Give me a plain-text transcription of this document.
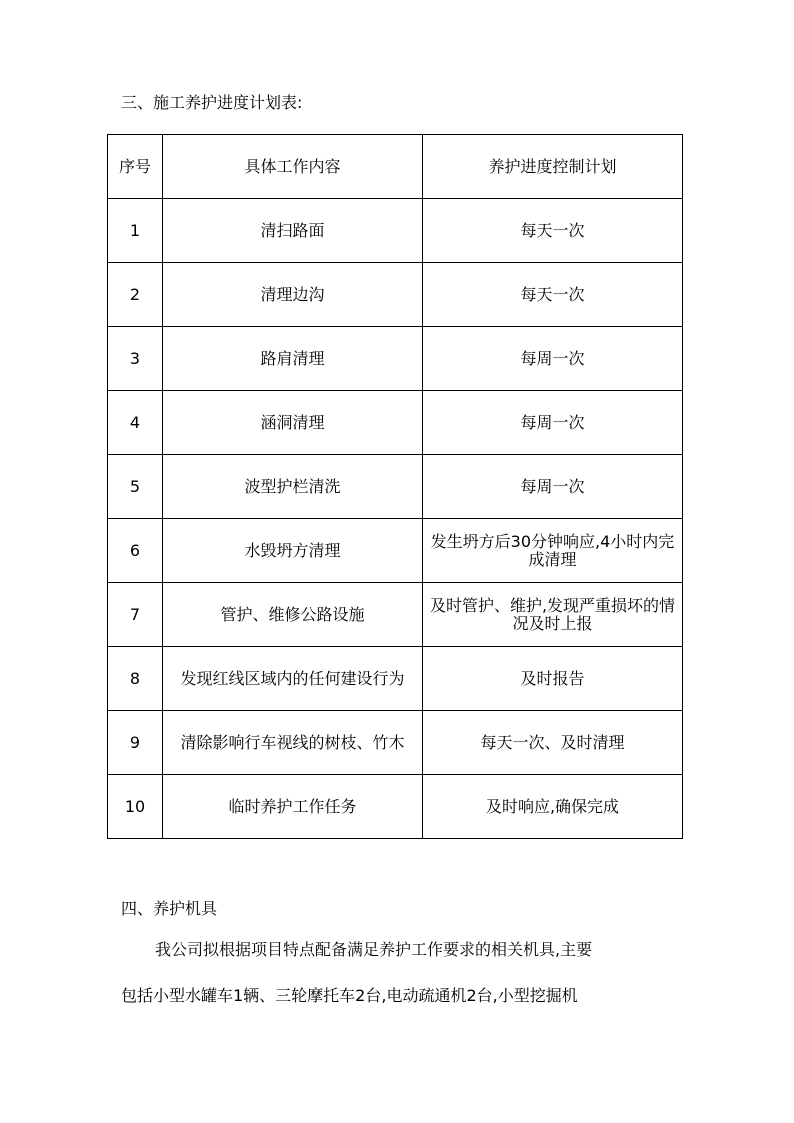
三、施工养护进度计划表:
序号	具体工作内容	养护进度控制计划
1	清扫路面	每天一次
2	清理边沟	每天一次
3	路肩清理	每周一次
4	涵洞清理	每周一次
5	波型护栏清洗	每周一次
6	水毁坍方清理	发生坍方后30分钟响应,4小时内完成清理
7	管护、维修公路设施	及时管护、维护,发现严重损坏的情况及时上报
8	发现红线区域内的任何建设行为	及时报告
9	清除影响行车视线的树枝、竹木	每天一次、及时清理
10	临时养护工作任务	及时响应,确保完成
四、养护机具
我公司拟根据项目特点配备满足养护工作要求的相关机具,主要
包括小型水罐车1辆、三轮摩托车2台,电动疏通机2台,小型挖掘机
